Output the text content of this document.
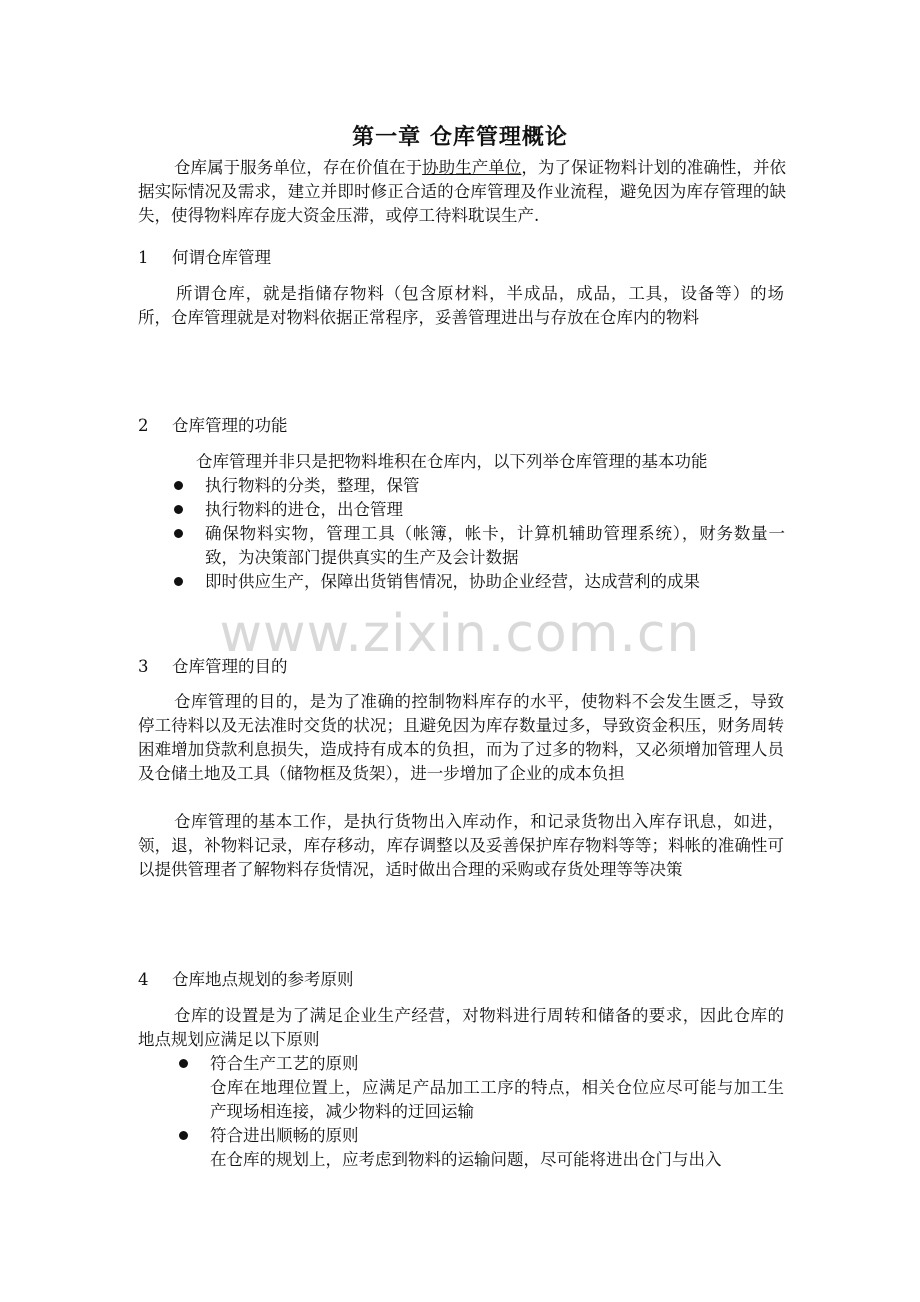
第一章 仓库管理概论
仓库属于服务单位，存在价值在于协助生产单位，为了保证物料计划的准确性，并依据实际情况及需求，建立并即时修正合适的仓库管理及作业流程，避免因为库存管理的缺失，使得物料库存庞大资金压滞，或停工待料耽误生产.
1 何谓仓库管理
所谓仓库，就是指储存物料（包含原材料，半成品，成品，工具，设备等）的场所，仓库管理就是对物料依据正常程序，妥善管理进出与存放在仓库内的物料
2 仓库管理的功能
仓库管理并非只是把物料堆积在仓库内，以下列举仓库管理的基本功能
执行物料的分类，整理，保管
执行物料的进仓，出仓管理
确保物料实物，管理工具（帐簿，帐卡，计算机辅助管理系统），财务数量一致，为决策部门提供真实的生产及会计数据
即时供应生产，保障出货销售情况，协助企业经营，达成营利的成果
www.zixin.com.cn
3 仓库管理的目的
仓库管理的目的，是为了准确的控制物料库存的水平，使物料不会发生匮乏，导致停工待料以及无法准时交货的状况；且避免因为库存数量过多，导致资金积压，财务周转困难增加贷款利息损失，造成持有成本的负担，而为了过多的物料，又必须增加管理人员及仓储土地及工具（储物框及货架），进一步增加了企业的成本负担
仓库管理的基本工作，是执行货物出入库动作，和记录货物出入库存讯息，如进，领，退，补物料记录，库存移动，库存调整以及妥善保护库存物料等等；料帐的准确性可以提供管理者了解物料存货情况，适时做出合理的采购或存货处理等等决策
4 仓库地点规划的参考原则
仓库的设置是为了满足企业生产经营，对物料进行周转和储备的要求，因此仓库的地点规划应满足以下原则
符合生产工艺的原则
仓库在地理位置上，应满足产品加工工序的特点，相关仓位应尽可能与加工生产现场相连接，减少物料的迂回运输
符合进出顺畅的原则
在仓库的规划上，应考虑到物料的运输问题，尽可能将进出仓门与出入
